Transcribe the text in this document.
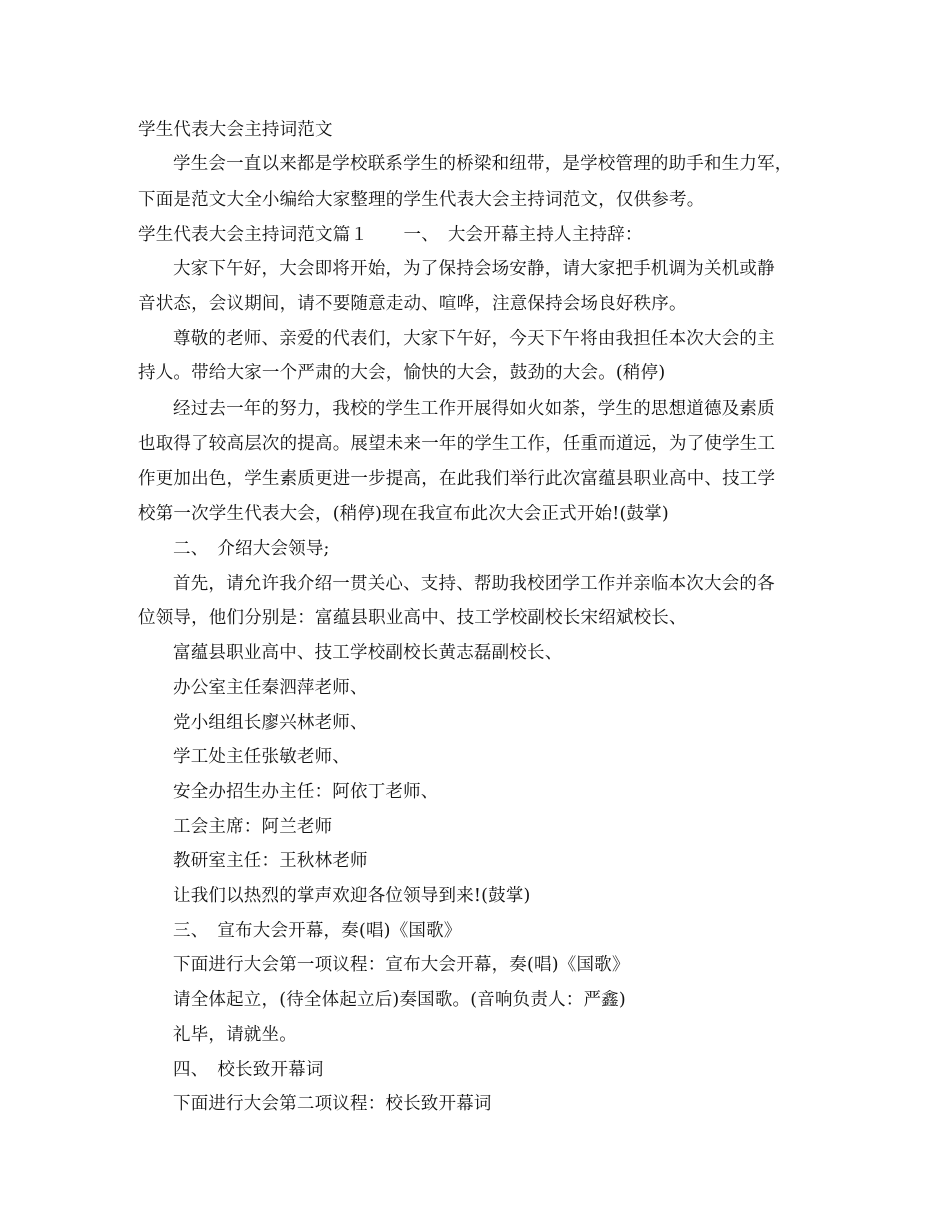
学生代表大会主持词范文
学生会一直以来都是学校联系学生的桥梁和纽带，是学校管理的助手和生力军，
下面是范文大全小编给大家整理的学生代表大会主持词范文，仅供参考。
学生代表大会主持词范文篇１　　一、　大会开幕主持人主持辞：
大家下午好，大会即将开始，为了保持会场安静，请大家把手机调为关机或静
音状态，会议期间，请不要随意走动、喧哗，注意保持会场良好秩序。
尊敬的老师、亲爱的代表们，大家下午好，今天下午将由我担任本次大会的主
持人。带给大家一个严肃的大会，愉快的大会，鼓劲的大会。(稍停)
经过去一年的努力，我校的学生工作开展得如火如荼，学生的思想道德及素质
也取得了较高层次的提高。展望未来一年的学生工作，任重而道远，为了使学生工
作更加出色，学生素质更进一步提高，在此我们举行此次富蕴县职业高中、技工学
校第一次学生代表大会，(稍停)现在我宣布此次大会正式开始!(鼓掌)
二、　介绍大会领导;
首先，请允许我介绍一贯关心、支持、帮助我校团学工作并亲临本次大会的各
位领导，他们分别是：富蕴县职业高中、技工学校副校长宋绍斌校长、
富蕴县职业高中、技工学校副校长黄志磊副校长、
办公室主任秦泗萍老师、
党小组组长廖兴林老师、
学工处主任张敏老师、
安全办招生办主任：阿依丁老师、
工会主席：阿兰老师
教研室主任：王秋林老师
让我们以热烈的掌声欢迎各位领导到来!(鼓掌)
三、　宣布大会开幕，奏(唱)《国歌》
下面进行大会第一项议程：宣布大会开幕，奏(唱)《国歌》
请全体起立，(待全体起立后)奏国歌。(音响负责人：严鑫)
礼毕，请就坐。
四、　校长致开幕词
下面进行大会第二项议程：校长致开幕词
